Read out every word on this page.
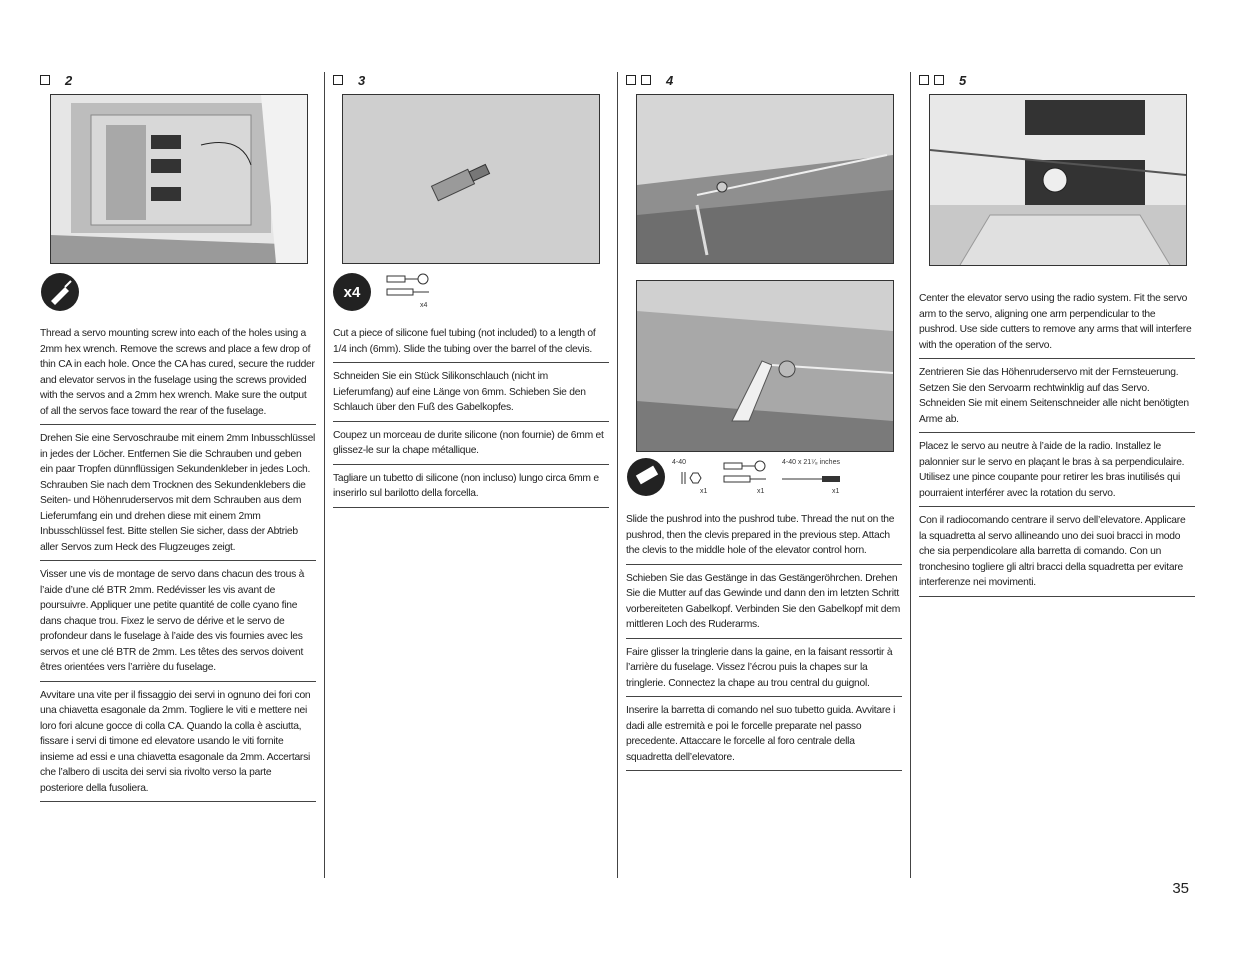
2
Thread a servo mounting screw into each of the holes using a 2mm hex wrench. Remove the screws and place a few drop of thin CA in each hole. Once the CA has cured, secure the rudder and elevator servos in the fuselage using the screws provided with the servos and a 2mm hex wrench. Make sure the output of all the servos face toward the rear of the fuselage.
Drehen Sie eine Servoschraube mit einem 2mm Inbusschlüssel in jedes der Löcher. Entfernen Sie die Schrauben und geben ein paar Tropfen dünnflüssigen Sekundenkleber in jedes Loch. Schrauben Sie nach dem Trocknen des Sekundenklebers die Seiten- und Höhenruderservos mit dem Schrauben aus dem Lieferumfang ein und drehen diese mit einem 2mm Inbusschlüssel fest. Bitte stellen Sie sicher, dass der Abtrieb aller Servos zum Heck des Flugzeuges zeigt.
Visser une vis de montage de servo dans chacun des trous à l’aide d’une clé BTR 2mm. Redévisser les vis avant de poursuivre. Appliquer une petite quantité de colle cyano fine dans chaque trou. Fixez le servo de dérive et le servo de profondeur dans le fuselage à l’aide des vis fournies avec les servos et une clé BTR de 2mm. Les têtes des servos doivent êtres orientées vers l’arrière du fuselage.
Avvitare una vite per il fissaggio dei servi in ognuno dei fori con una chiavetta esagonale da 2mm. Togliere le viti e mettere nei loro fori alcune gocce di colla CA. Quando la colla è asciutta, fissare i servi di timone ed elevatore usando le viti fornite insieme ad essi e una chiavetta esagonale da 2mm. Accertarsi che l’albero di uscita dei servi sia rivolto verso la parte posteriore della fusoliera.
3
x4
x4
Cut a piece of silicone fuel tubing (not included) to a length of 1/4 inch (6mm). Slide the tubing over the barrel of the clevis.
Schneiden Sie ein Stück Silikonschlauch (nicht im Lieferumfang) auf eine Länge von 6mm. Schieben Sie den Schlauch über den Fuß des Gabelkopfes.
Coupez un morceau de durite silicone (non fournie) de 6mm et glissez-le sur la chape métallique.
Tagliare un tubetto di silicone (non incluso) lungo circa 6mm e inserirlo sul barilotto della forcella.
4
4-40
x1	x1
4-40 x 21⁷⁄₈ inches
x1
Slide the pushrod into the pushrod tube. Thread the nut on the pushrod, then the clevis prepared in the previous step. Attach the clevis to the middle hole of the elevator control horn.
Schieben Sie das Gestänge in das Gestängeröhrchen. Drehen Sie die Mutter auf das Gewinde und dann den im letzten Schritt vorbereiteten Gabelkopf. Verbinden Sie den Gabelkopf mit dem mittleren Loch des Ruderarms.
Faire glisser la tringlerie dans la gaine, en la faisant ressortir à l’arrière du fuselage. Vissez l’écrou puis la chapes sur la tringlerie. Connectez la chape au trou central du guignol.
Inserire la barretta di comando nel suo tubetto guida. Avvitare i dadi alle estremità e poi le forcelle preparate nel passo precedente. Attaccare le forcelle al foro centrale della squadretta dell’elevatore.
5
Center the elevator servo using the radio system. Fit the servo arm to the servo, aligning one arm perpendicular to the pushrod. Use side cutters to remove any arms that will interfere with the operation of the servo.
Zentrieren Sie das Höhenruderservo mit der Fernsteuerung. Setzen Sie den Servoarm rechtwinklig auf das Servo. Schneiden Sie mit einem Seitenschneider alle nicht benötigten Arme ab.
Placez le servo au neutre à l’aide de la radio. Installez le palonnier sur le servo en plaçant le bras à sa perpendiculaire. Utilisez une pince coupante pour retirer les bras inutilisés qui pourraient interférer avec la rotation du servo.
Con il radiocomando centrare il servo dell’elevatore. Applicare la squadretta al servo allineando uno dei suoi bracci in modo che sia perpendicolare alla barretta di comando. Con un tronchesino togliere gli altri bracci della squadretta per evitare interferenze nei movimenti.
35
